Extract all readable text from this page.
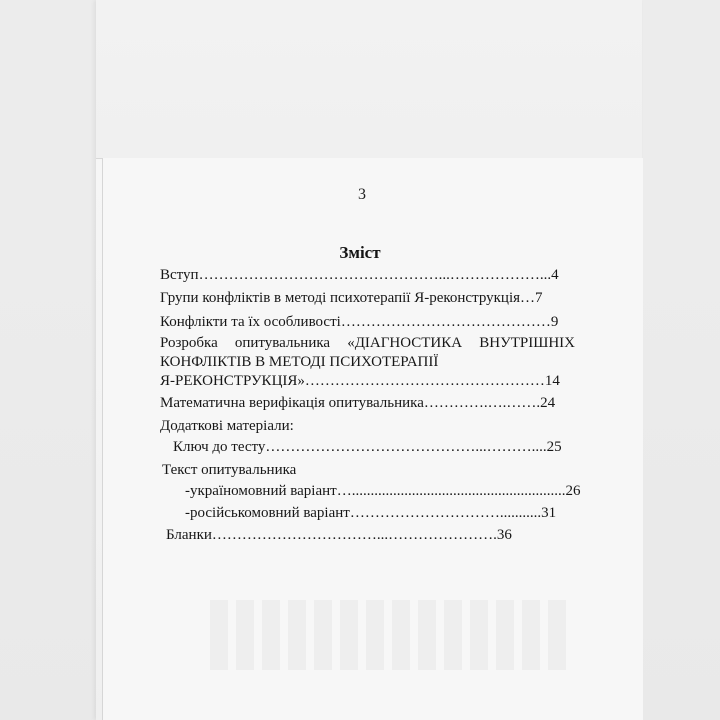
3
Зміст
Вступ…………………………………………...………………...4
Групи конфліктів в методі психотерапії Я-реконструкція…7
Конфлікти та їх особливості……………………………………9
Розробка опитувальника «ДІАГНОСТИКА ВНУТРІШНІХ
КОНФЛІКТІВ В МЕТОДІ ПСИХОТЕРАПІЇ
Я-РЕКОНСТРУКЦІЯ»…………………………………………14
Математична верифікація опитувальника………….….…….24
Додаткові матеріали:
Ключ до тесту……………………………………...………....25
Текст опитувальника
-україномовний варіант….........................................................26
-російськомовний варіант…………………………...........31
Бланки……………………………...………………….36
